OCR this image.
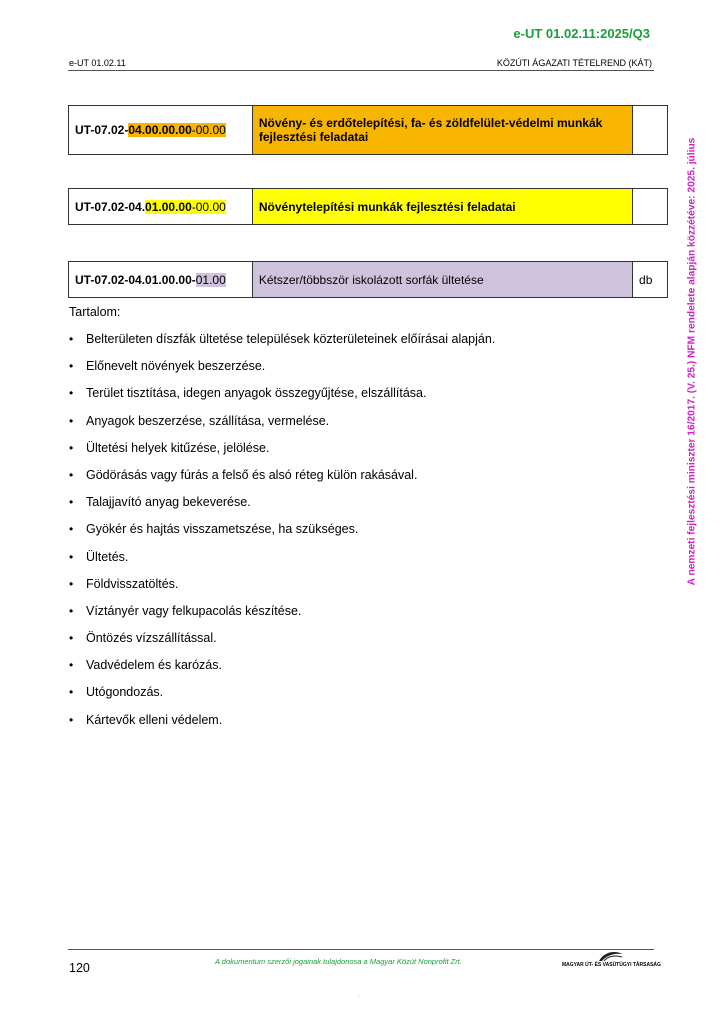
e-UT 01.02.11:2025/Q3
e-UT 01.02.11	KÖZÚTI ÁGAZATI TÉTELREND (KÁT)
A nemzeti fejlesztési miniszter 16/2017. (V. 25.) NFM rendelete alapján közzétéve: 2025. július
UT-07.02-04.00.00.00-00.00	Növény- és erdőtelepítési, fa- és zöldfelület-védelmi munkák fejlesztési feladatai	
UT-07.02-04.01.00.00-00.00	Növénytelepítési munkák fejlesztési feladatai	
UT-07.02-04.01.00.00-01.00	Kétszer/többször iskolázott sorfák ültetése	db
Tartalom:
•	Belterületen díszfák ültetése települések közterületeinek előírásai alapján.
•	Előnevelt növények beszerzése.
•	Terület tisztítása, idegen anyagok összegyűjtése, elszállítása.
•	Anyagok beszerzése, szállítása, vermelése.
•	Ültetési helyek kitűzése, jelölése.
•	Gödörásás vagy fúrás a felső és alsó réteg külön rakásával.
•	Talajjavító anyag bekeverése.
•	Gyökér és hajtás visszametszése, ha szükséges.
•	Ültetés.
•	Földvisszatöltés.
•	Víztányér vagy felkupacolás készítése.
•	Öntözés vízszállítással.
•	Vadvédelem és karózás.
•	Utógondozás.
•	Kártevők elleni védelem.
120	A dokumentum szerzői jogainak tulajdonosa a Magyar Közút Nonprofit Zrt.	MAGYAR ÚT- ÉS VASÚTÜGYI TÁRSASÁG
.
